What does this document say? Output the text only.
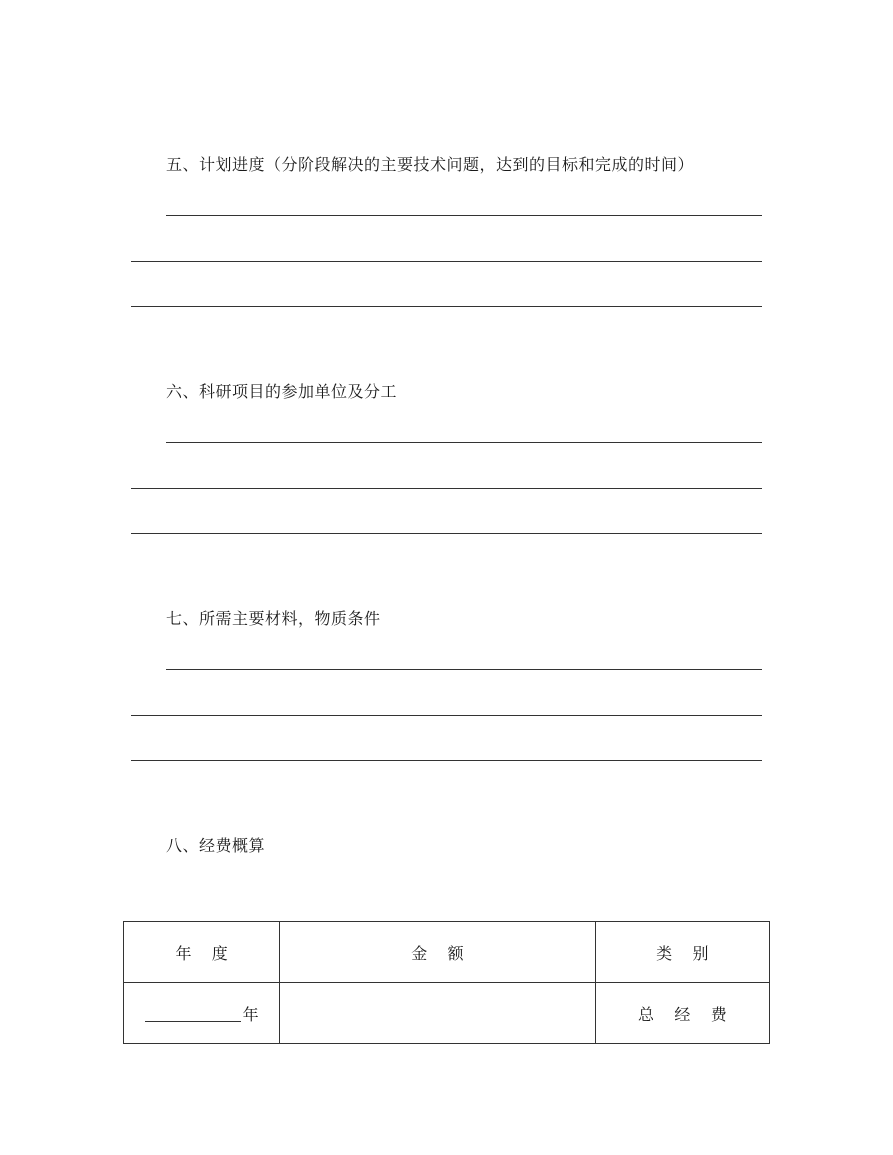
五、计划进度（分阶段解决的主要技术问题，达到的目标和完成的时间）
六、科研项目的参加单位及分工
七、所需主要材料，物质条件
八、经费概算
年    度	金    额	类    别
年		总    经    费
